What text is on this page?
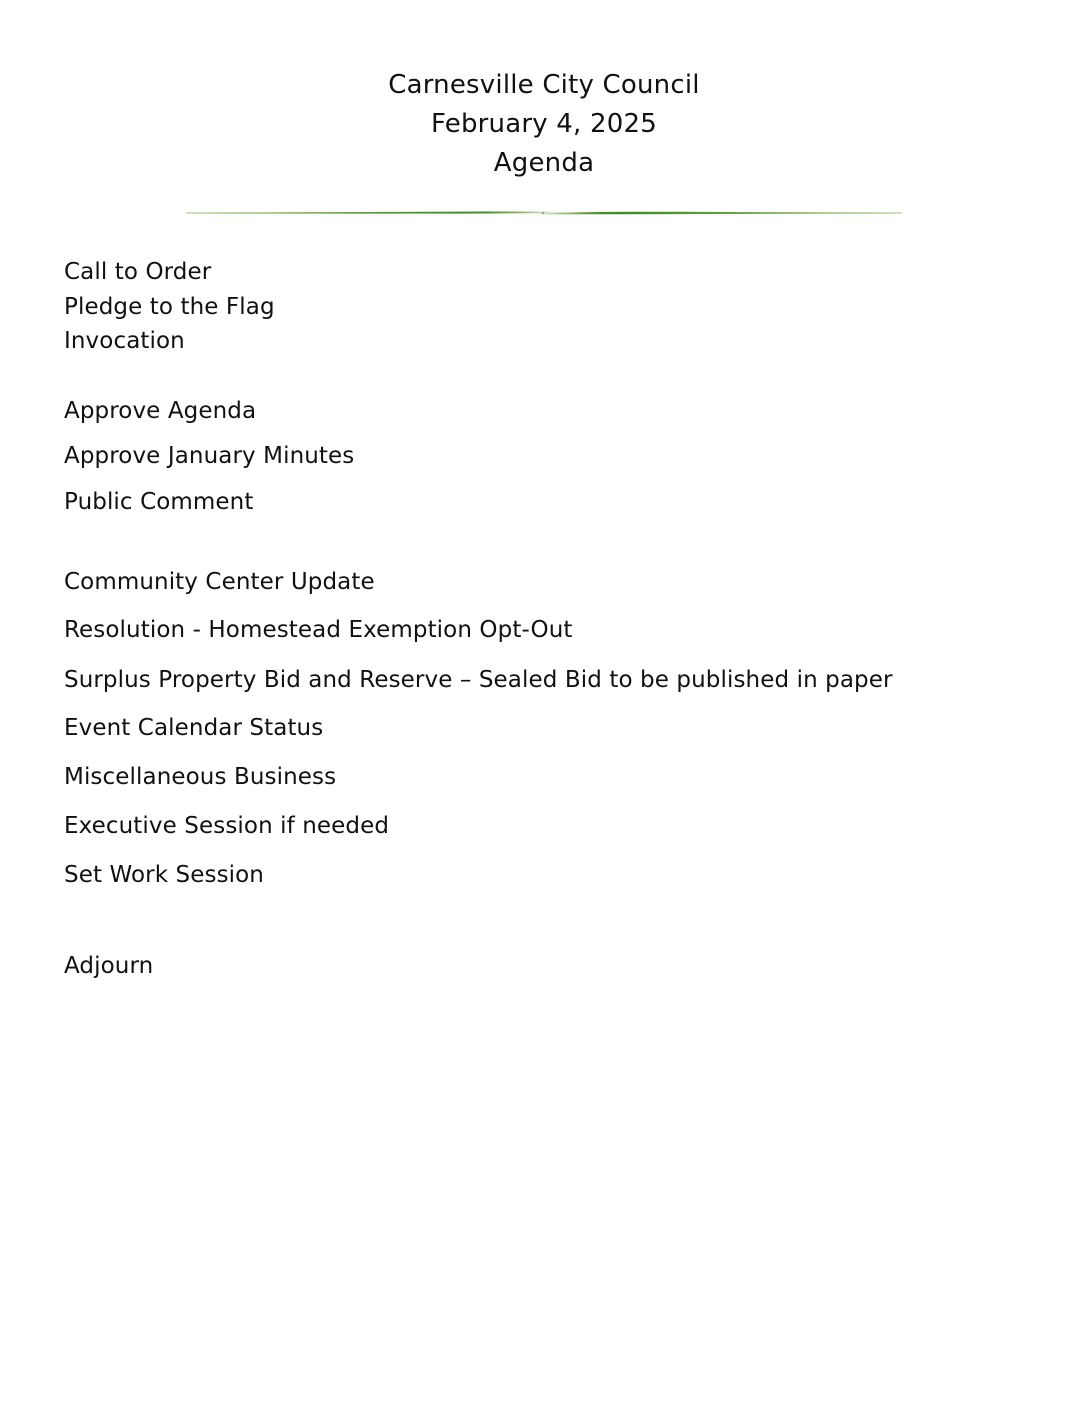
Carnesville City Council
February 4, 2025
Agenda
Call to Order
Pledge to the Flag
Invocation
Approve Agenda
Approve January Minutes
Public Comment
Community Center Update
Resolution - Homestead Exemption Opt-Out
Surplus Property Bid and Reserve – Sealed Bid to be published in paper
Event Calendar Status
Miscellaneous Business
Executive Session if needed
Set Work Session
Adjourn
